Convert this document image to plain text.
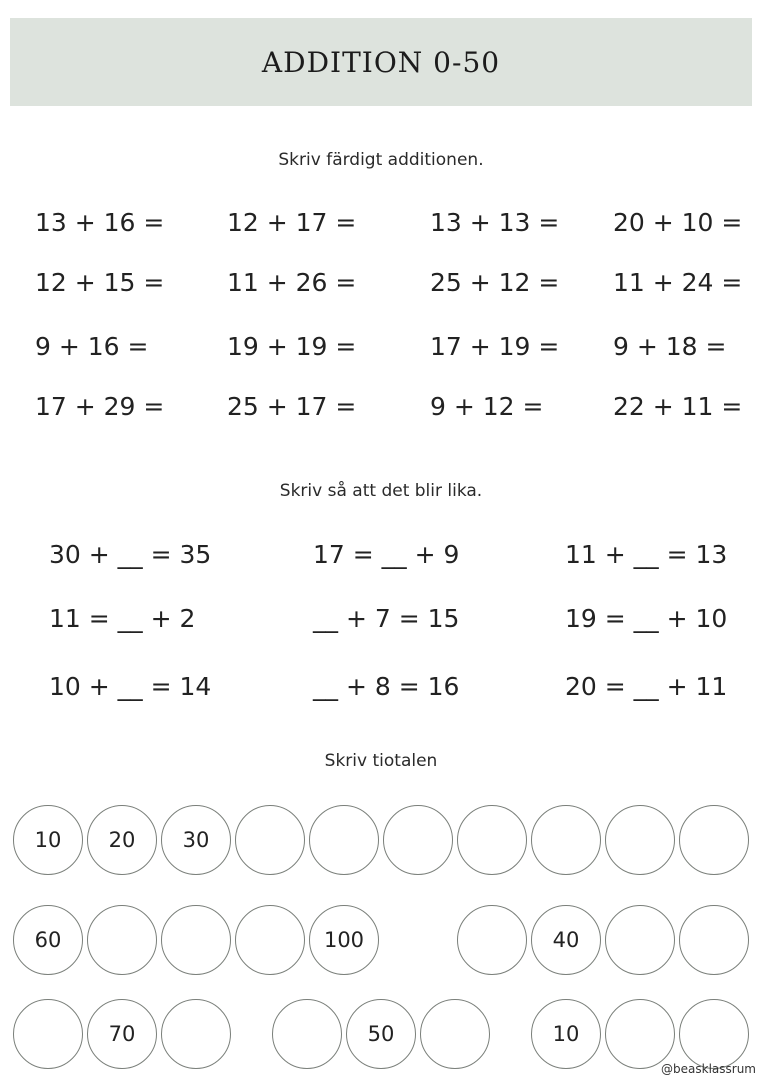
ADDITION 0-50
Skriv färdigt additionen.
13 + 16 =	12 + 17 =	13 + 13 = 20 + 10 =
12 + 15 =	11 + 26 =	25 + 12 = 11 + 24 =
9 + 16 =	19 + 19 =	17 + 19 = 9 + 18 =
17 + 29 =	25 + 17 =	9 + 12 =	22 + 11 =
Skriv så att det blir lika.
30 + __ = 35	17 = __ + 9	11 + __ = 13
11 = __ + 2	__ + 7 = 15	19 = __ + 10
10 + __ = 14	__ + 8 = 16	20 = __ + 11
Skriv tiotalen
10	20	30
60	100	40
70	50	10
@beasklassrum
